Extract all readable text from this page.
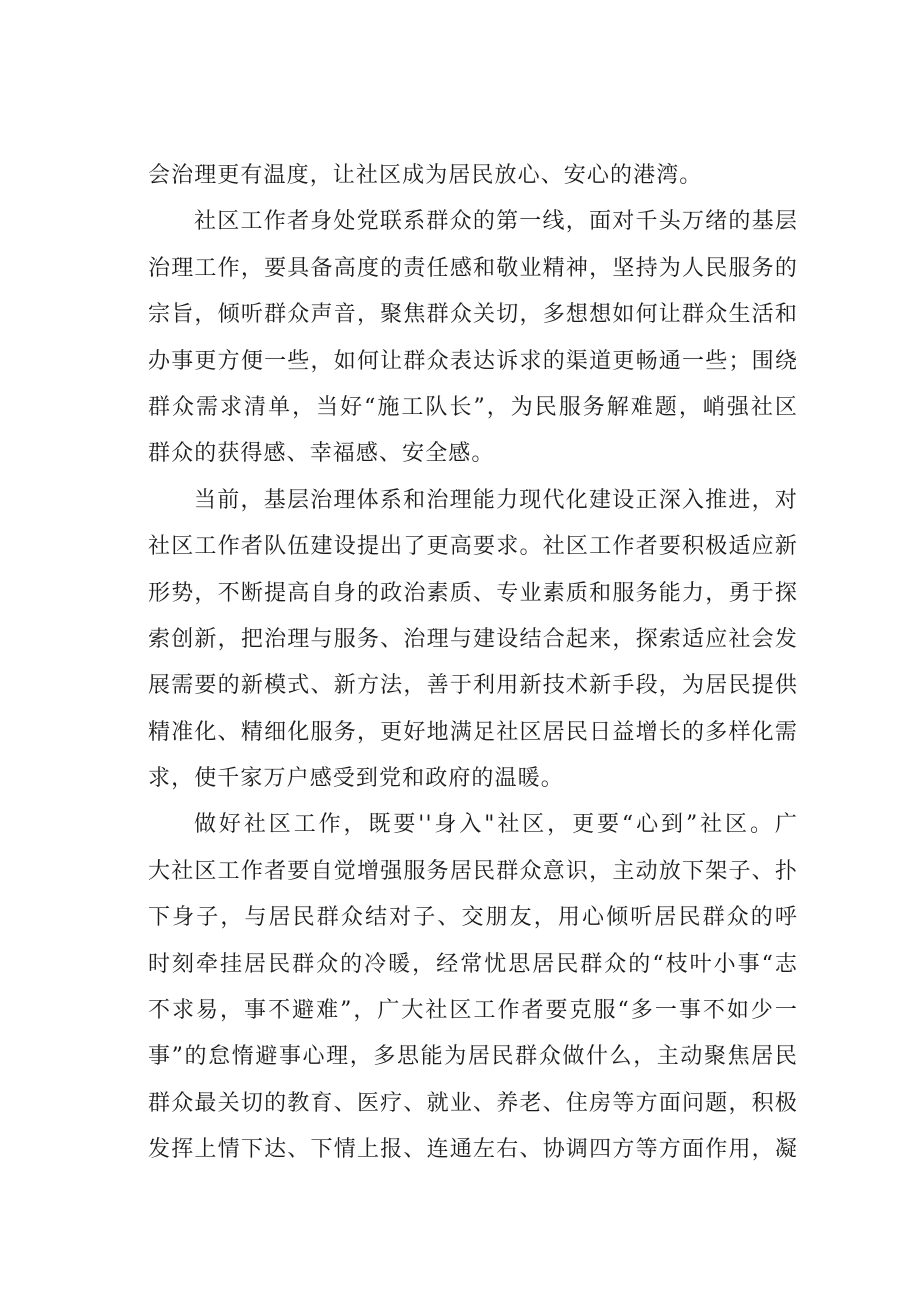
会治理更有温度，让社区成为居民放心、安心的港湾。
社区工作者身处党联系群众的第一线，面对千头万绪的基层
治理工作，要具备高度的责任感和敬业精神，坚持为人民服务的
宗旨，倾听群众声音，聚焦群众关切，多想想如何让群众生活和
办事更方便一些，如何让群众表达诉求的渠道更畅通一些；围绕
群众需求清单，当好“施工队长”，为民服务解难题，峭强社区
群众的获得感、幸福感、安全感。
当前，基层治理体系和治理能力现代化建设正深入推进，对
社区工作者队伍建设提出了更高要求。社区工作者要积极适应新
形势，不断提高自身的政治素质、专业素质和服务能力，勇于探
索创新，把治理与服务、治理与建设结合起来，探索适应社会发
展需要的新模式、新方法，善于利用新技术新手段，为居民提供
精准化、精细化服务，更好地满足社区居民日益增长的多样化需
求，使千家万户感受到党和政府的温暖。
做好社区工作，既要''身入"社区，更要“心到”社区。广
大社区工作者要自觉增强服务居民群众意识，主动放下架子、扑
下身子，与居民群众结对子、交朋友，用心倾听居民群众的呼
时刻牵挂居民群众的冷暖，经常忧思居民群众的“枝叶小事“志
不求易，事不避难”，广大社区工作者要克服“多一事不如少一
事”的怠惰避事心理，多思能为居民群众做什么，主动聚焦居民
群众最关切的教育、医疗、就业、养老、住房等方面问题，积极
发挥上情下达、下情上报、连通左右、协调四方等方面作用，凝
